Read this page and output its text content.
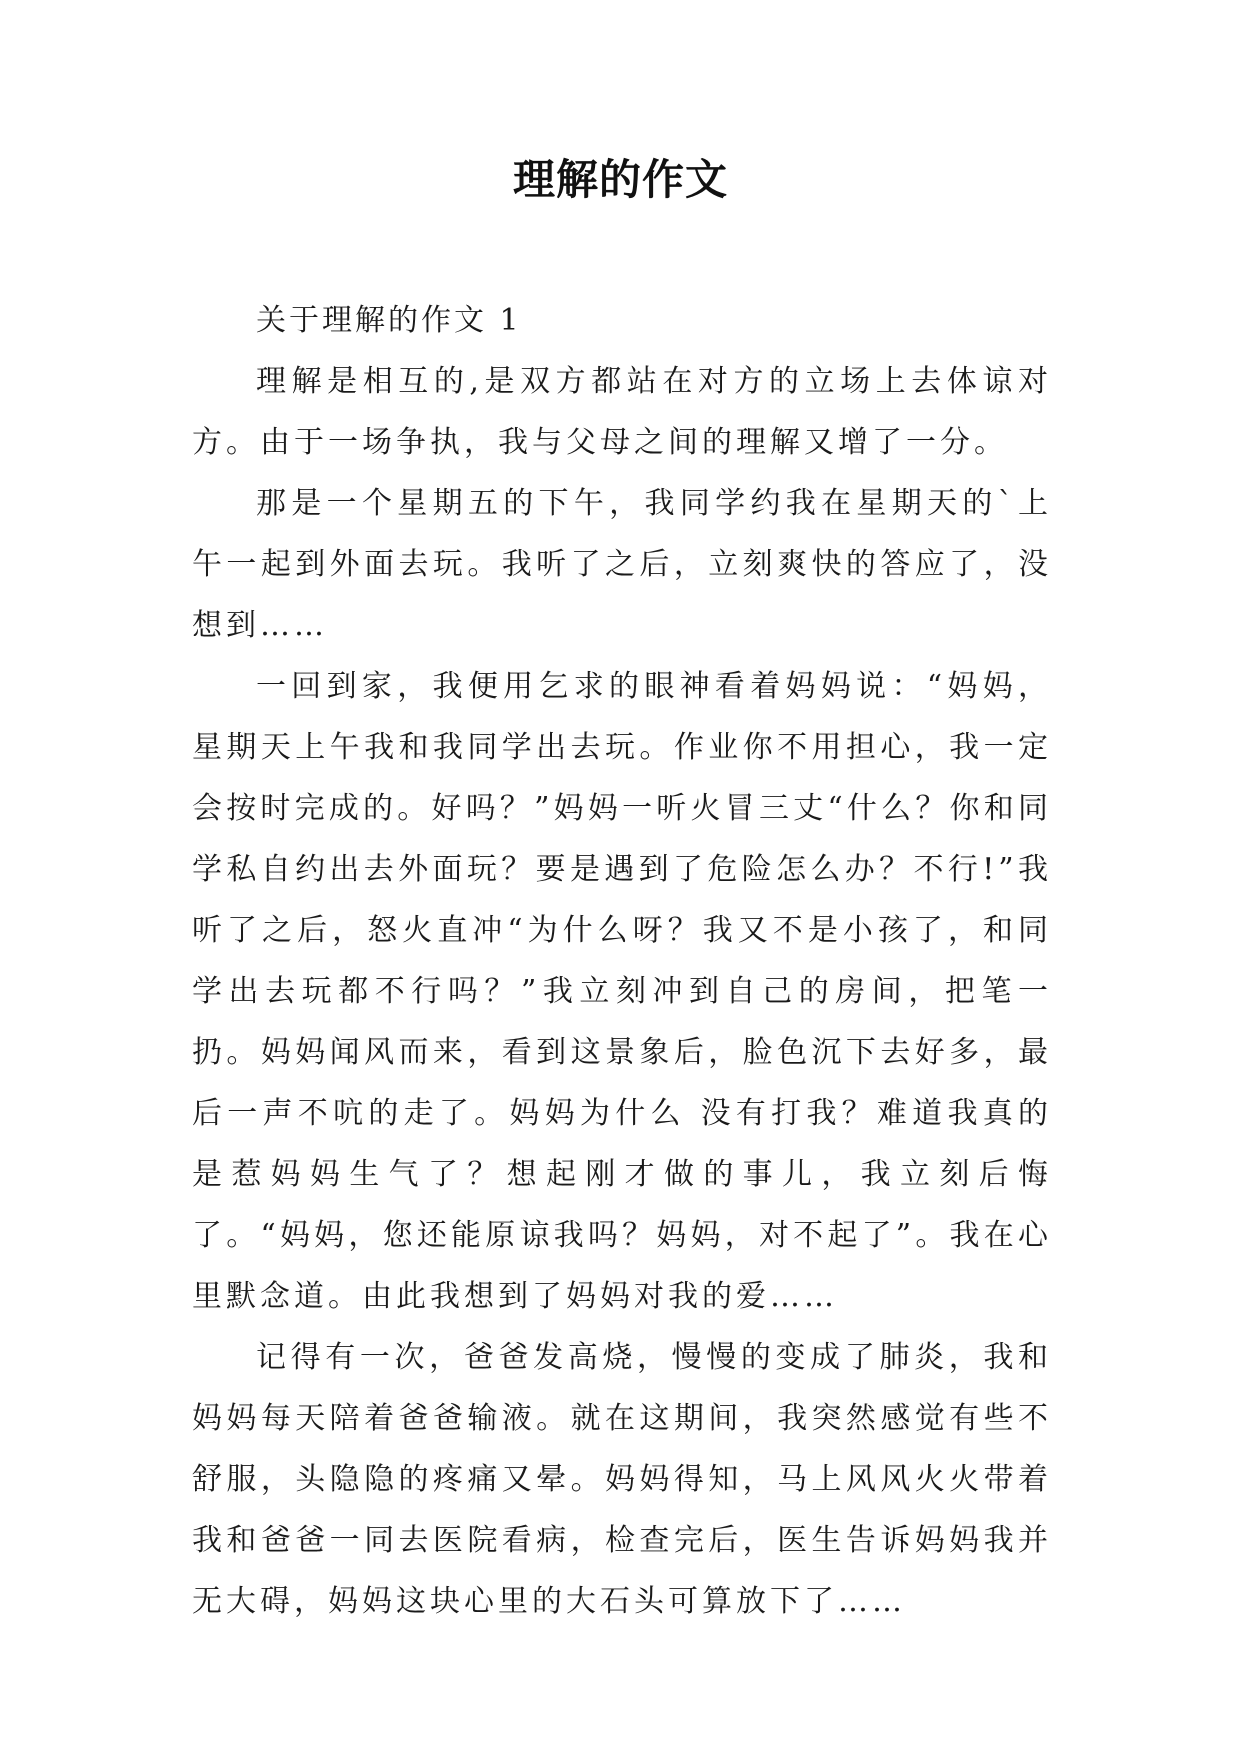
理解的作文

关于理解的作文 1

理解是相互的,是双方都站在对方的立场上去体谅对方。由于一场争执，我与父母之间的理解又增了一分。

那是一个星期五的下午，我同学约我在星期天的`上午一起到外面去玩。我听了之后，立刻爽快的答应了，没想到……

一回到家，我便用乞求的眼神看着妈妈说：“妈妈，星期天上午我和我同学出去玩。作业你不用担心，我一定会按时完成的。好吗？”妈妈一听火冒三丈“什么？你和同学私自约出去外面玩？要是遇到了危险怎么办？不行!”我听了之后，怒火直冲“为什么呀？我又不是小孩了，和同学出去玩都不行吗？”我立刻冲到自己的房间，把笔一扔。妈妈闻风而来，看到这景象后，脸色沉下去好多，最后一声不吭的走了。妈妈为什么 没有打我？难道我真的是惹妈妈生气了？想起刚才做的事儿，我立刻后悔了。“妈妈，您还能原谅我吗？妈妈，对不起了”。我在心里默念道。由此我想到了妈妈对我的爱……

记得有一次，爸爸发高烧，慢慢的变成了肺炎，我和妈妈每天陪着爸爸输液。就在这期间，我突然感觉有些不舒服，头隐隐的疼痛又晕。妈妈得知，马上风风火火带着我和爸爸一同去医院看病，检查完后，医生告诉妈妈我并无大碍，妈妈这块心里的大石头可算放下了……
